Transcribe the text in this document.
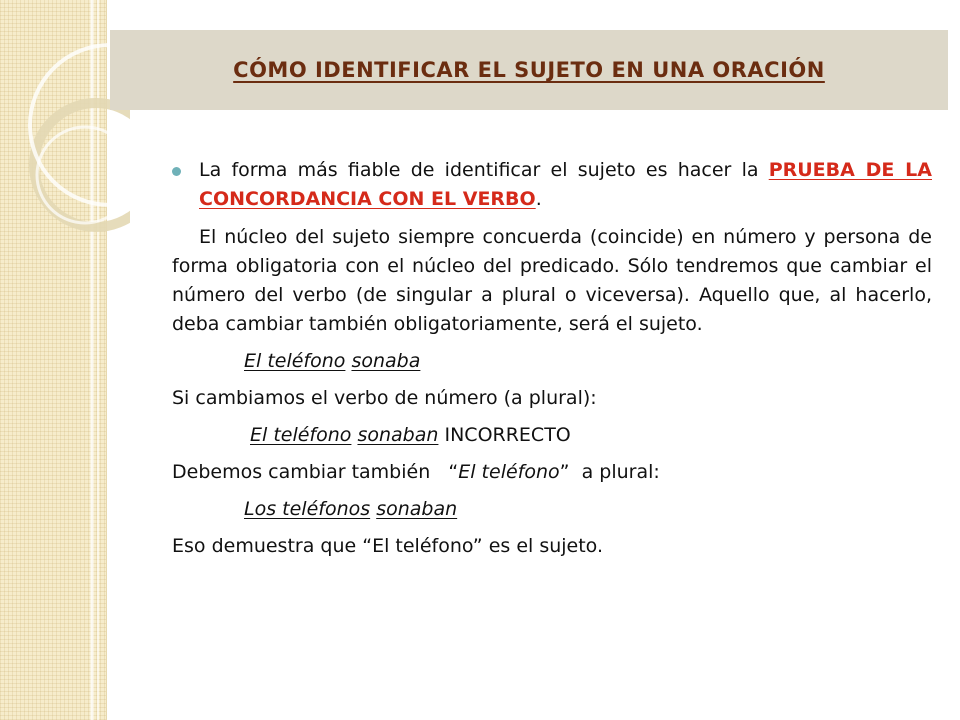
CÓMO IDENTIFICAR EL SUJETO EN UNA ORACIÓN
La forma más fiable de identificar el sujeto es hacer la PRUEBA DE LA CONCORDANCIA CON EL VERBO.

El núcleo del sujeto siempre concuerda (coincide) en número y persona de forma obligatoria con el núcleo del predicado. Sólo tendremos que cambiar el número del verbo (de singular a plural o viceversa). Aquello que, al hacerlo, deba cambiar también obligatoriamente, será el sujeto.

El teléfono sonaba

Si cambiamos el verbo de número (a plural):

El teléfono sonaban INCORRECTO

Debemos cambiar también   “El teléfono”  a plural:

Los teléfonos sonaban

Eso demuestra que “El teléfono” es el sujeto.
